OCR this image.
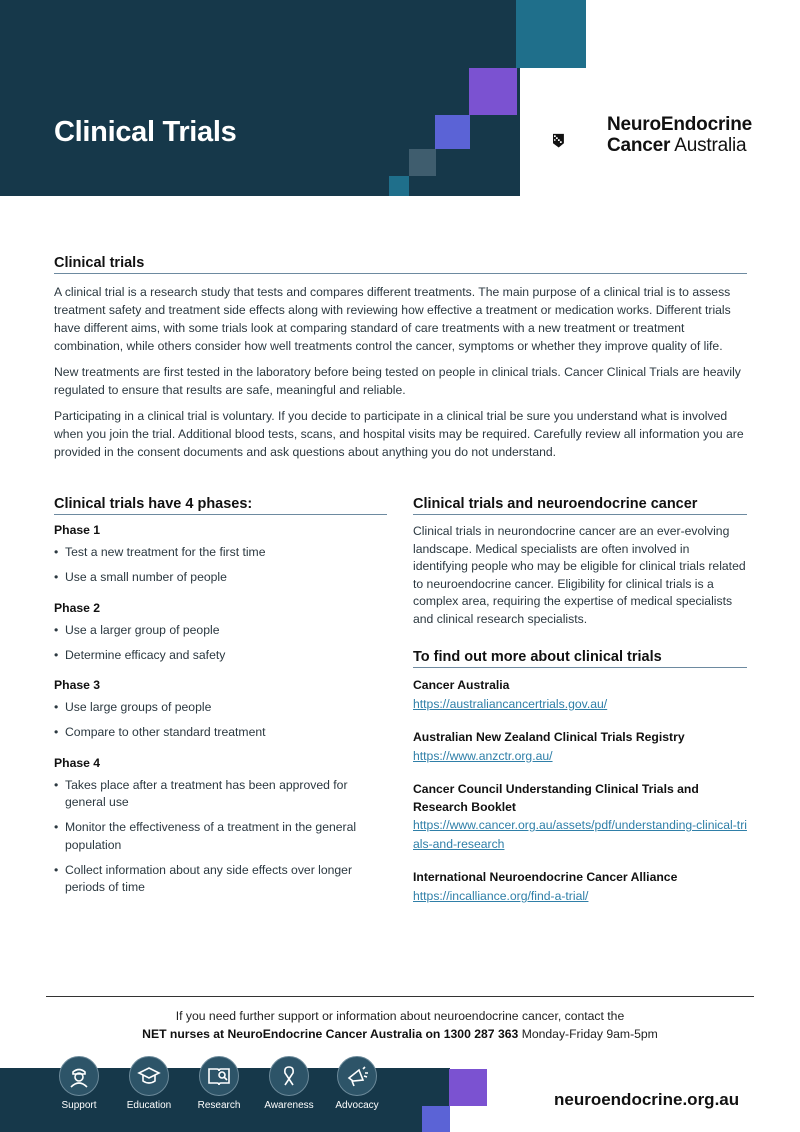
Clinical Trials	NeuroEndocrine
Cancer Australia
Clinical trials

A clinical trial is a research study that tests and compares different treatments. The main purpose of a clinical trial is to assess treatment safety and treatment side effects along with reviewing how effective a treatment or medication works. Different trials have different aims, with some trials look at comparing standard of care treatments with a new treatment or treatment combination, while others consider how well treatments control the cancer, symptoms or whether they improve quality of life.

New treatments are first tested in the laboratory before being tested on people in clinical trials. Cancer Clinical Trials are heavily regulated to ensure that results are safe, meaningful and reliable.

Participating in a clinical trial is voluntary. If you decide to participate in a clinical trial be sure you understand what is involved when you join the trial. Additional blood tests, scans, and hospital visits may be required. Carefully review all information you are provided in the consent documents and ask questions about anything you do not understand.

Clinical trials have 4 phases:
Phase 1
• Test a new treatment for the first time
• Use a small number of people
Phase 2
• Use a larger group of people
• Determine efficacy and safety
Phase 3
• Use large groups of people
• Compare to other standard treatment
Phase 4
• Takes place after a treatment has been approved for general use
• Monitor the effectiveness of a treatment in the general population
• Collect information about any side effects over longer periods of time
Clinical trials and neuroendocrine cancer

Clinical trials in neurondocrine cancer are an ever-evolving landscape. Medical specialists are often involved in identifying people who may be eligible for clinical trials related to neuroendocrine cancer. Eligibility for clinical trials is a complex area, requiring the expertise of medical specialists and clinical research specialists.

To find out more about clinical trials
Cancer Australia
https://australiancancertrials.gov.au/
Australian New Zealand Clinical Trials Registry
https://www.anzctr.org.au/
Cancer Council Understanding Clinical Trials and Research Booklet
https://www.cancer.org.au/assets/pdf/understanding-clinical-trials-and-research
International Neuroendocrine Cancer Alliance
https://incalliance.org/find-a-trial/
If you need further support or information about neuroendocrine cancer, contact the
NET nurses at NeuroEndocrine Cancer Australia on 1300 287 363 Monday-Friday 9am-5pm
Support	Education	Research	Awareness	Advocacy	neuroendocrine.org.au
